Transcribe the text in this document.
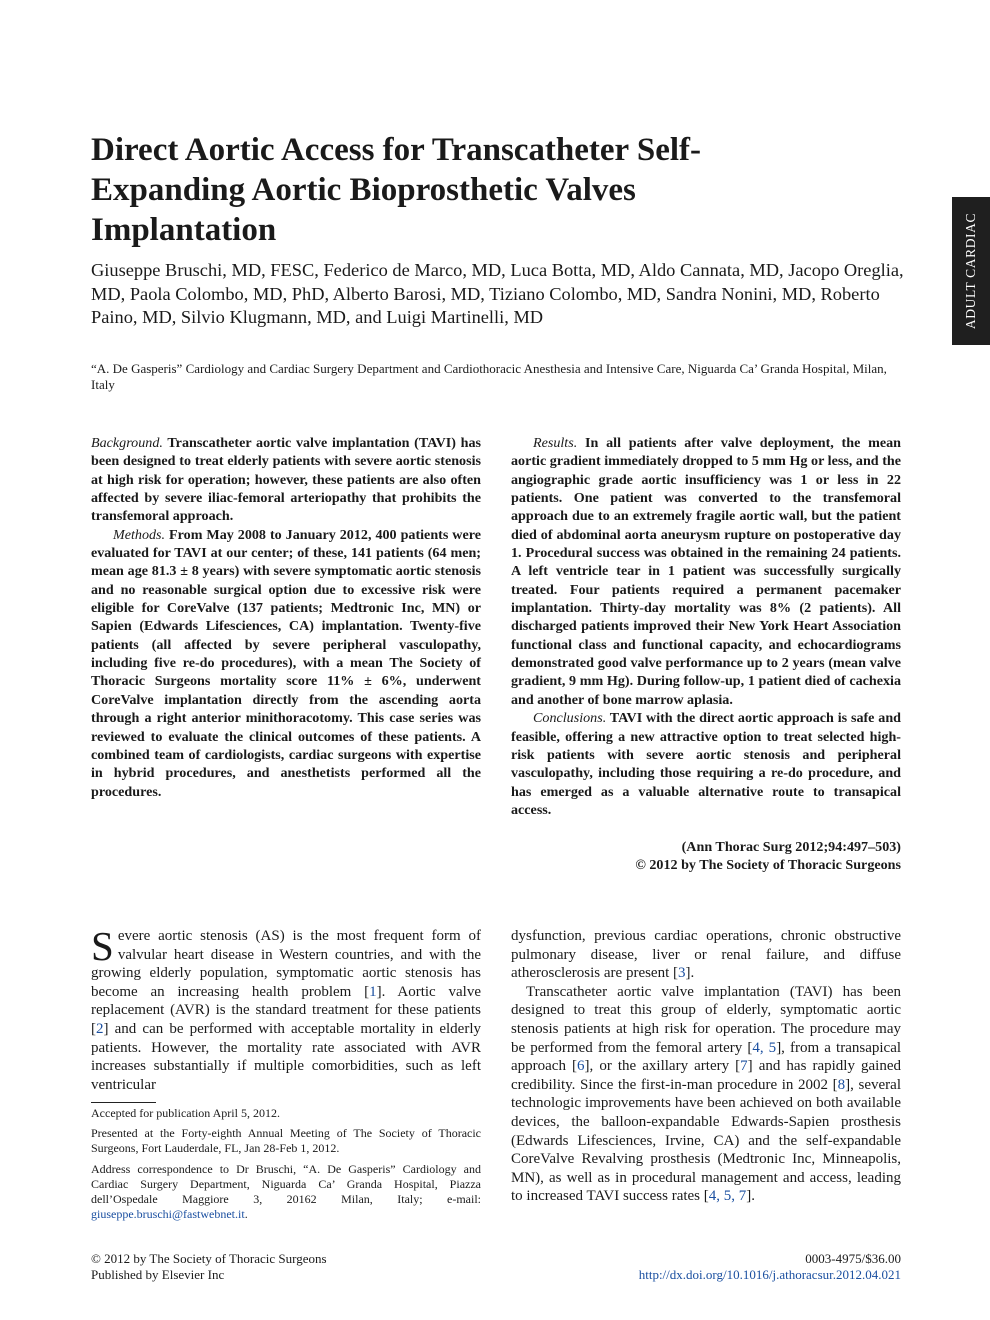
ADULT CARDIAC
Direct Aortic Access for Transcatheter Self-Expanding Aortic Bioprosthetic Valves Implantation

Giuseppe Bruschi, MD, FESC, Federico de Marco, MD, Luca Botta, MD, Aldo Cannata, MD, Jacopo Oreglia, MD, Paola Colombo, MD, PhD, Alberto Barosi, MD, Tiziano Colombo, MD, Sandra Nonini, MD, Roberto Paino, MD, Silvio Klugmann, MD, and Luigi Martinelli, MD

“A. De Gasperis” Cardiology and Cardiac Surgery Department and Cardiothoracic Anesthesia and Intensive Care, Niguarda Ca’ Granda Hospital, Milan, Italy

Background. Transcatheter aortic valve implantation (TAVI) has been designed to treat elderly patients with severe aortic stenosis at high risk for operation; however, these patients are also often affected by severe iliac-femoral arteriopathy that prohibits the transfemoral approach.

Methods. From May 2008 to January 2012, 400 patients were evaluated for TAVI at our center; of these, 141 patients (64 men; mean age 81.3 ± 8 years) with severe symptomatic aortic stenosis and no reasonable surgical option due to excessive risk were eligible for CoreValve (137 patients; Medtronic Inc, MN) or Sapien (Edwards Lifesciences, CA) implantation. Twenty-five patients (all affected by severe peripheral vasculopathy, including five re-do procedures), with a mean The Society of Thoracic Surgeons mortality score 11% ± 6%, underwent CoreValve implantation directly from the ascending aorta through a right anterior minithoracotomy. This case series was reviewed to evaluate the clinical outcomes of these patients. A combined team of cardiologists, cardiac surgeons with expertise in hybrid procedures, and anesthetists performed all the procedures.

Results. In all patients after valve deployment, the mean aortic gradient immediately dropped to 5 mm Hg or less, and the angiographic grade aortic insufficiency was 1 or less in 22 patients. One patient was converted to the transfemoral approach due to an extremely fragile aortic wall, but the patient died of abdominal aorta aneurysm rupture on postoperative day 1. Procedural success was obtained in the remaining 24 patients. A left ventricle tear in 1 patient was successfully surgically treated. Four patients required a permanent pacemaker implantation. Thirty-day mortality was 8% (2 patients). All discharged patients improved their New York Heart Association functional class and functional capacity, and echocardiograms demonstrated good valve performance up to 2 years (mean valve gradient, 9 mm Hg). During follow-up, 1 patient died of cachexia and another of bone marrow aplasia.

Conclusions. TAVI with the direct aortic approach is safe and feasible, offering a new attractive option to treat selected high-risk patients with severe aortic stenosis and peripheral vasculopathy, including those requiring a re-do procedure, and has emerged as a valuable alternative route to transapical access.

(Ann Thorac Surg 2012;94:497–503)
© 2012 by The Society of Thoracic Surgeons

Severe aortic stenosis (AS) is the most frequent form of valvular heart disease in Western countries, and with the growing elderly population, symptomatic aortic stenosis has become an increasing health problem [1]. Aortic valve replacement (AVR) is the standard treatment for these patients [2] and can be performed with acceptable mortality in elderly patients. However, the mortality rate associated with AVR increases substantially if multiple comorbidities, such as left ventricular

Accepted for publication April 5, 2012.

Presented at the Forty-eighth Annual Meeting of The Society of Thoracic Surgeons, Fort Lauderdale, FL, Jan 28-Feb 1, 2012.

Address correspondence to Dr Bruschi, “A. De Gasperis” Cardiology and Cardiac Surgery Department, Niguarda Ca’ Granda Hospital, Piazza dell’Ospedale Maggiore 3, 20162 Milan, Italy; e-mail: giuseppe.bruschi@fastwebnet.it.

dysfunction, previous cardiac operations, chronic obstructive pulmonary disease, liver or renal failure, and diffuse atherosclerosis are present [3].

Transcatheter aortic valve implantation (TAVI) has been designed to treat this group of elderly, symptomatic aortic stenosis patients at high risk for operation. The procedure may be performed from the femoral artery [4, 5], from a transapical approach [6], or the axillary artery [7] and has rapidly gained credibility. Since the first-in-man procedure in 2002 [8], several technologic improvements have been achieved on both available devices, the balloon-expandable Edwards-Sapien prosthesis (Edwards Lifesciences, Irvine, CA) and the self-expandable CoreValve Revalving prosthesis (Medtronic Inc, Minneapolis, MN), as well as in procedural management and access, leading to increased TAVI success rates [4, 5, 7].

© 2012 by The Society of Thoracic Surgeons
Published by Elsevier Inc
0003-4975/$36.00
http://dx.doi.org/10.1016/j.athoracsur.2012.04.021
